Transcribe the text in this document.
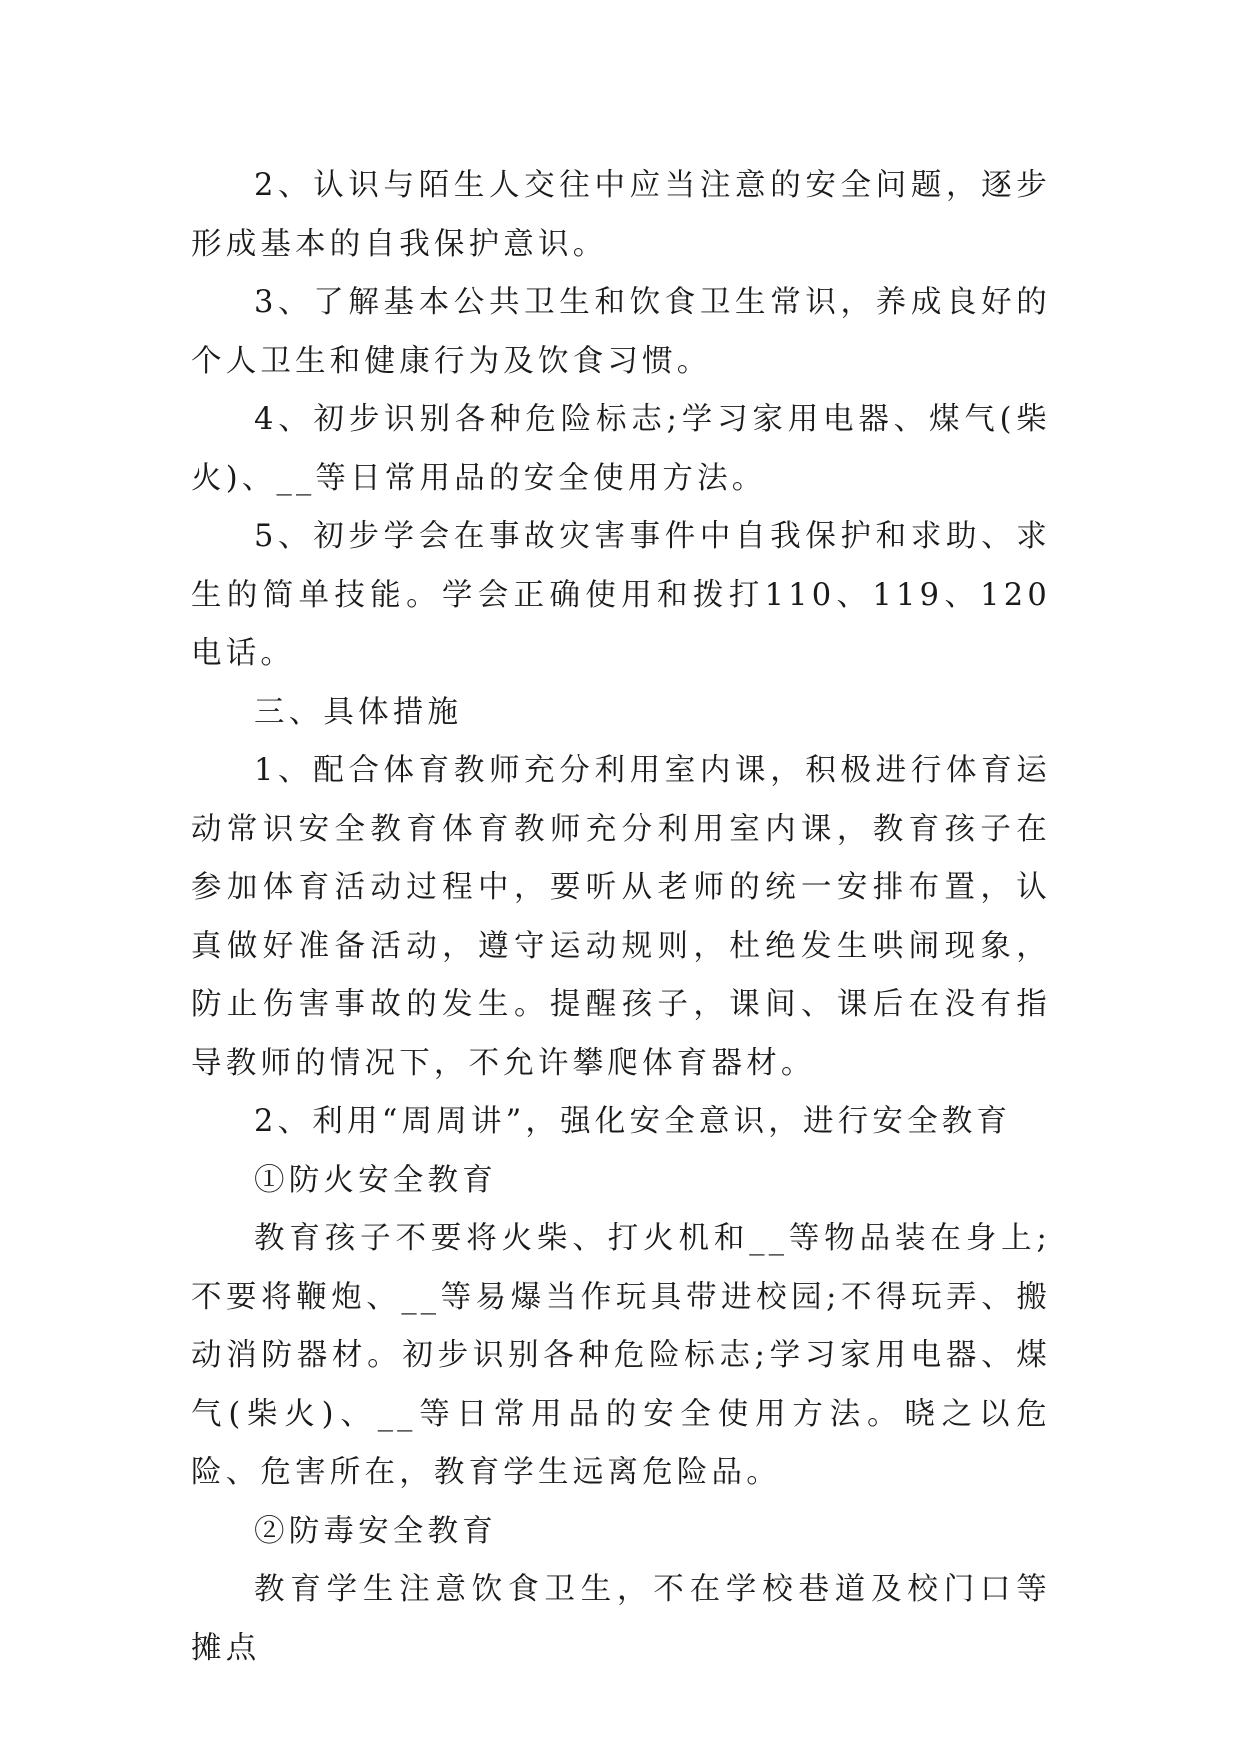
2、认识与陌生人交往中应当注意的安全问题，逐步形成基本的自我保护意识。

3、了解基本公共卫生和饮食卫生常识，养成良好的个人卫生和健康行为及饮食习惯。

4、初步识别各种危险标志;学习家用电器、煤气(柴火)、__等日常用品的安全使用方法。

5、初步学会在事故灾害事件中自我保护和求助、求生的简单技能。学会正确使用和拨打110、119、120电话。

三、具体措施

1、配合体育教师充分利用室内课，积极进行体育运动常识安全教育体育教师充分利用室内课，教育孩子在参加体育活动过程中，要听从老师的统一安排布置，认真做好准备活动，遵守运动规则，杜绝发生哄闹现象，防止伤害事故的发生。提醒孩子，课间、课后在没有指导教师的情况下，不允许攀爬体育器材。

2、利用“周周讲”，强化安全意识，进行安全教育

①防火安全教育

教育孩子不要将火柴、打火机和__等物品装在身上;不要将鞭炮、__等易爆当作玩具带进校园;不得玩弄、搬动消防器材。初步识别各种危险标志;学习家用电器、煤气(柴火)、__等日常用品的安全使用方法。晓之以危险、危害所在，教育学生远离危险品。

②防毒安全教育

教育学生注意饮食卫生，不在学校巷道及校门口等摊点
